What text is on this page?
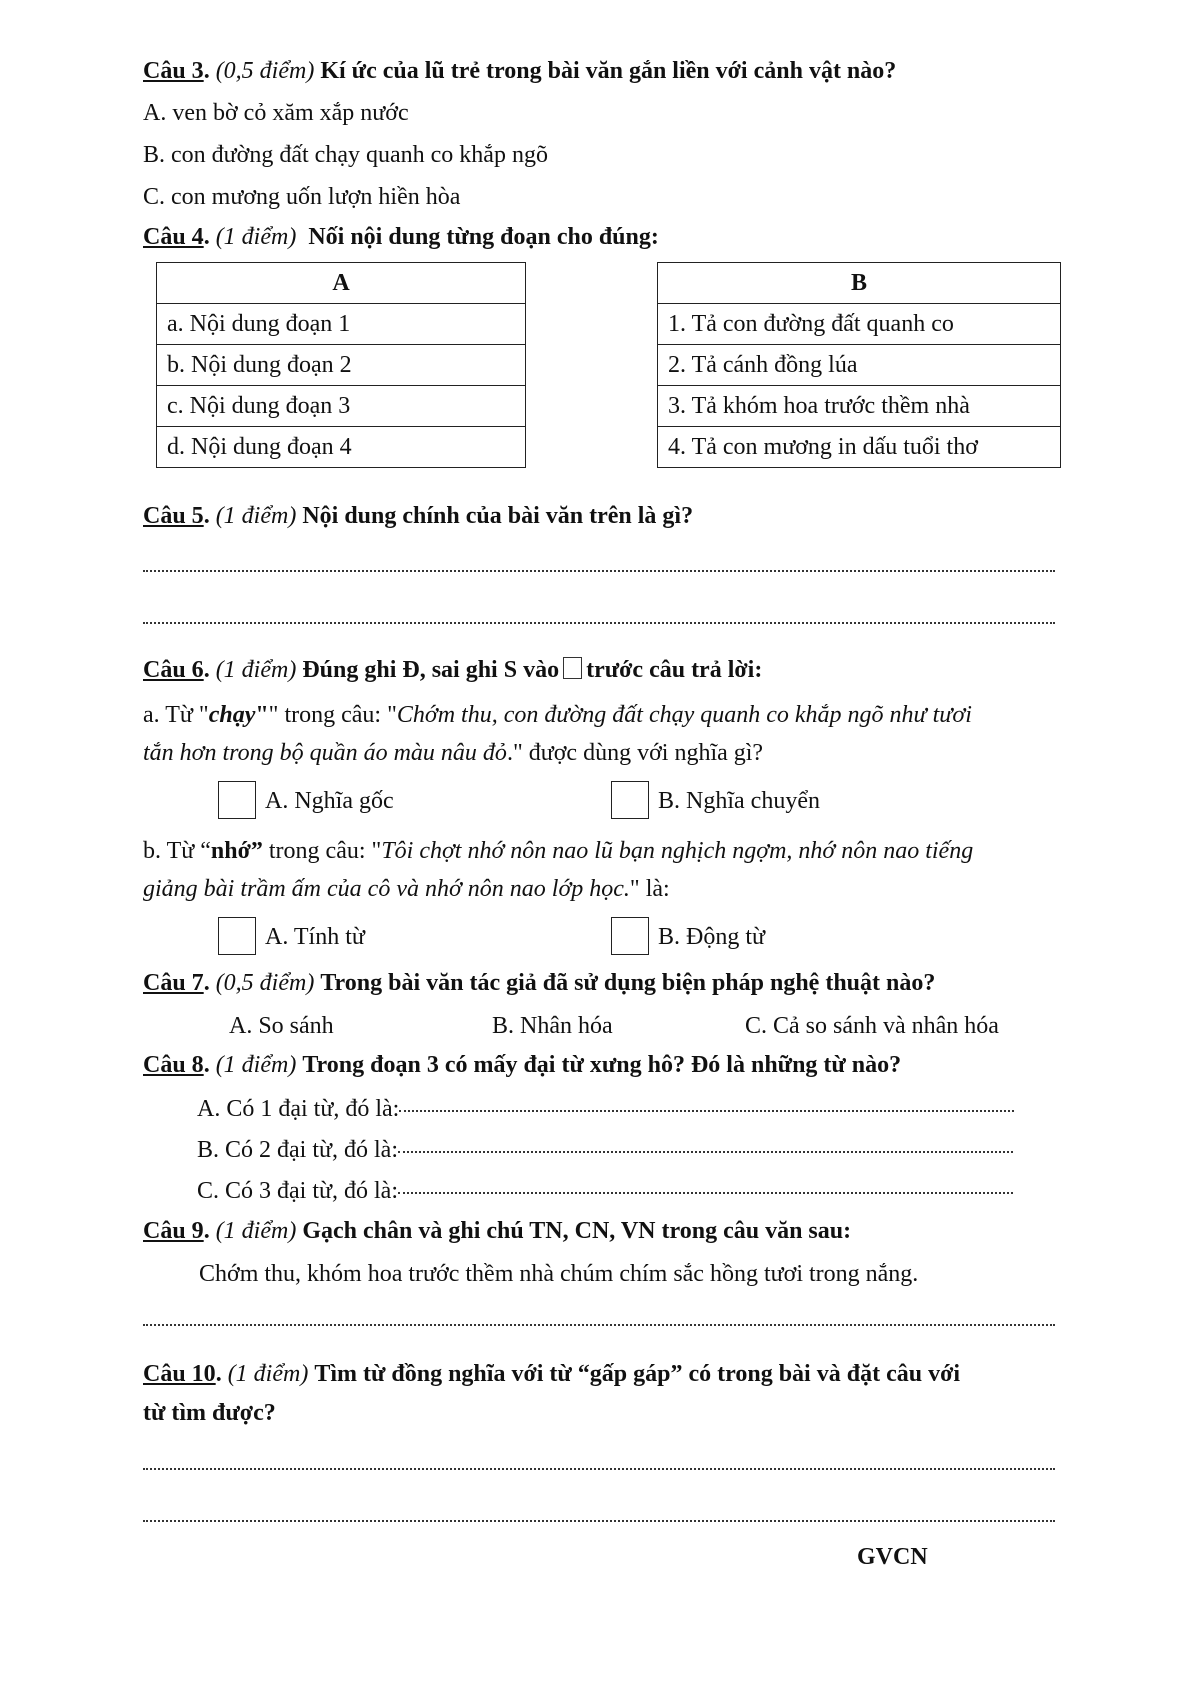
Câu 3. (0,5 điểm) Kí ức của lũ trẻ trong bài văn gắn liền với cảnh vật nào?
A. ven bờ cỏ xăm xắp nước
B. con đường đất chạy quanh co khắp ngõ
C. con mương uốn lượn hiền hòa
Câu 4. (1 điểm) Nối nội dung từng đoạn cho đúng:
A
a. Nội dung đoạn 1
b. Nội dung đoạn 2
c. Nội dung đoạn 3
d. Nội dung đoạn 4
B
1. Tả con đường đất quanh co
2. Tả cánh đồng lúa
3. Tả khóm hoa trước thềm nhà
4. Tả con mương in dấu tuổi thơ
Câu 5. (1 điểm) Nội dung chính của bài văn trên là gì?
Câu 6. (1 điểm) Đúng ghi Đ, sai ghi S vào trước câu trả lời:
a. Từ "chạy"" trong câu: "Chớm thu, con đường đất chạy quanh co khắp ngõ như tươi
tắn hơn trong bộ quần áo màu nâu đỏ." được dùng với nghĩa gì?
A. Nghĩa gốc	B. Nghĩa chuyển
b. Từ “nhớ” trong câu: "Tôi chợt nhớ nôn nao lũ bạn nghịch ngợm, nhớ nôn nao tiếng
giảng bài trầm ấm của cô và nhớ nôn nao lớp học." là:
A. Tính từ	B. Động từ
Câu 7. (0,5 điểm) Trong bài văn tác giả đã sử dụng biện pháp nghệ thuật nào?
A. So sánh	B. Nhân hóa	C. Cả so sánh và nhân hóa
Câu 8. (1 điểm) Trong đoạn 3 có mấy đại từ xưng hô? Đó là những từ nào?
A. Có 1 đại từ, đó là:
B. Có 2 đại từ, đó là:
C. Có 3 đại từ, đó là:
Câu 9. (1 điểm) Gạch chân và ghi chú TN, CN, VN trong câu văn sau:
Chớm thu, khóm hoa trước thềm nhà chúm chím sắc hồng tươi trong nắng.
Câu 10. (1 điểm) Tìm từ đồng nghĩa với từ “gấp gáp” có trong bài và đặt câu với
từ tìm được?
GVCN
